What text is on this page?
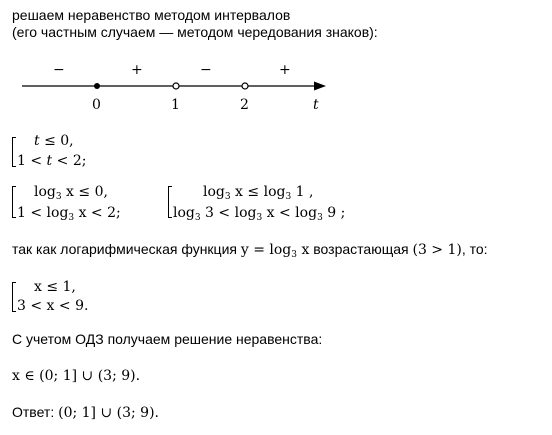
решаем неравенство методом интервалов
(его частным случаем — методом чередования знаков):
−	+	−	+
0	1	2	t
t ≤ 0,
1 < t < 2;
$\log_3 x \le 0$,
$1 < \log_3 x < 2$;
$\log_3 x \le \log_3 1$ ,
$\log_3 3 < \log_3 x < \log_3 9$ ;
так как логарифмическая функция $y = \log_3 x$ возрастающая (3 > 1), то:
x ≤ 1,
3 < x < 9.
С учетом ОДЗ получаем решение неравенства:
x ∈ (0; 1] ∪ (3; 9).
Ответ: (0; 1] ∪ (3; 9).
